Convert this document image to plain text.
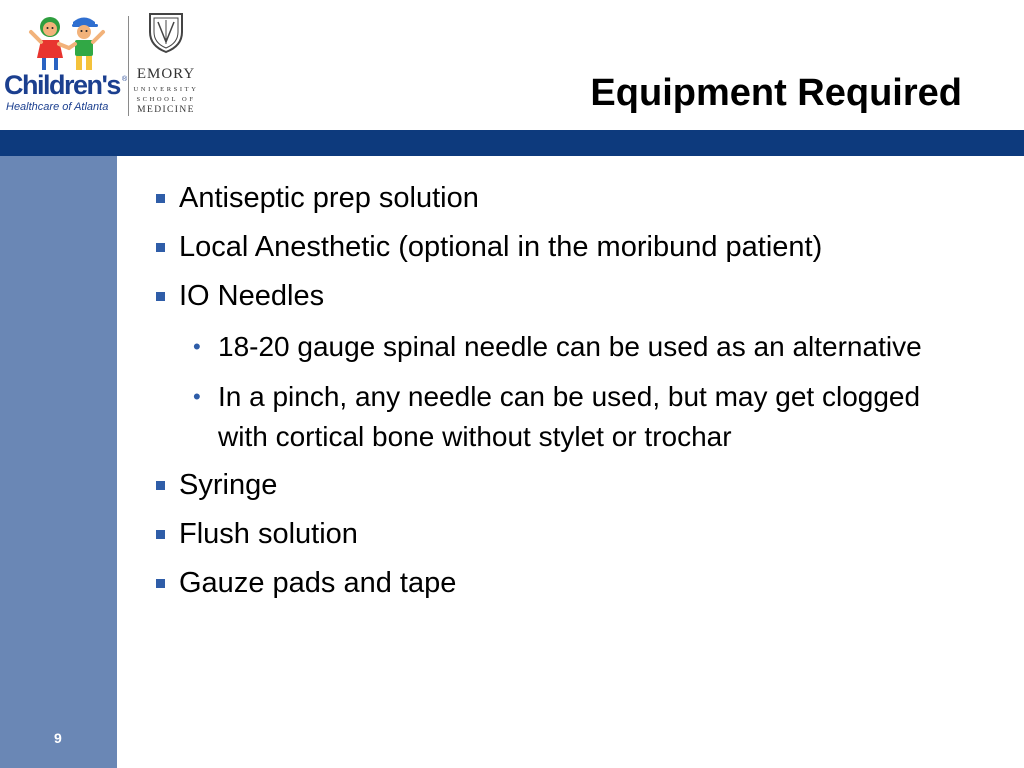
Children's ®
Healthcare of Atlanta
EMORY
UNIVERSITY
SCHOOL OF
MEDICINE	Equipment Required
9
Antiseptic prep solution
Local Anesthetic (optional in the moribund patient)
IO Needles
• 18-20 gauge spinal needle can be used as an alternative
• In a pinch, any needle can be used, but may get clogged with cortical bone without stylet or trochar
Syringe
Flush solution
Gauze pads and tape
